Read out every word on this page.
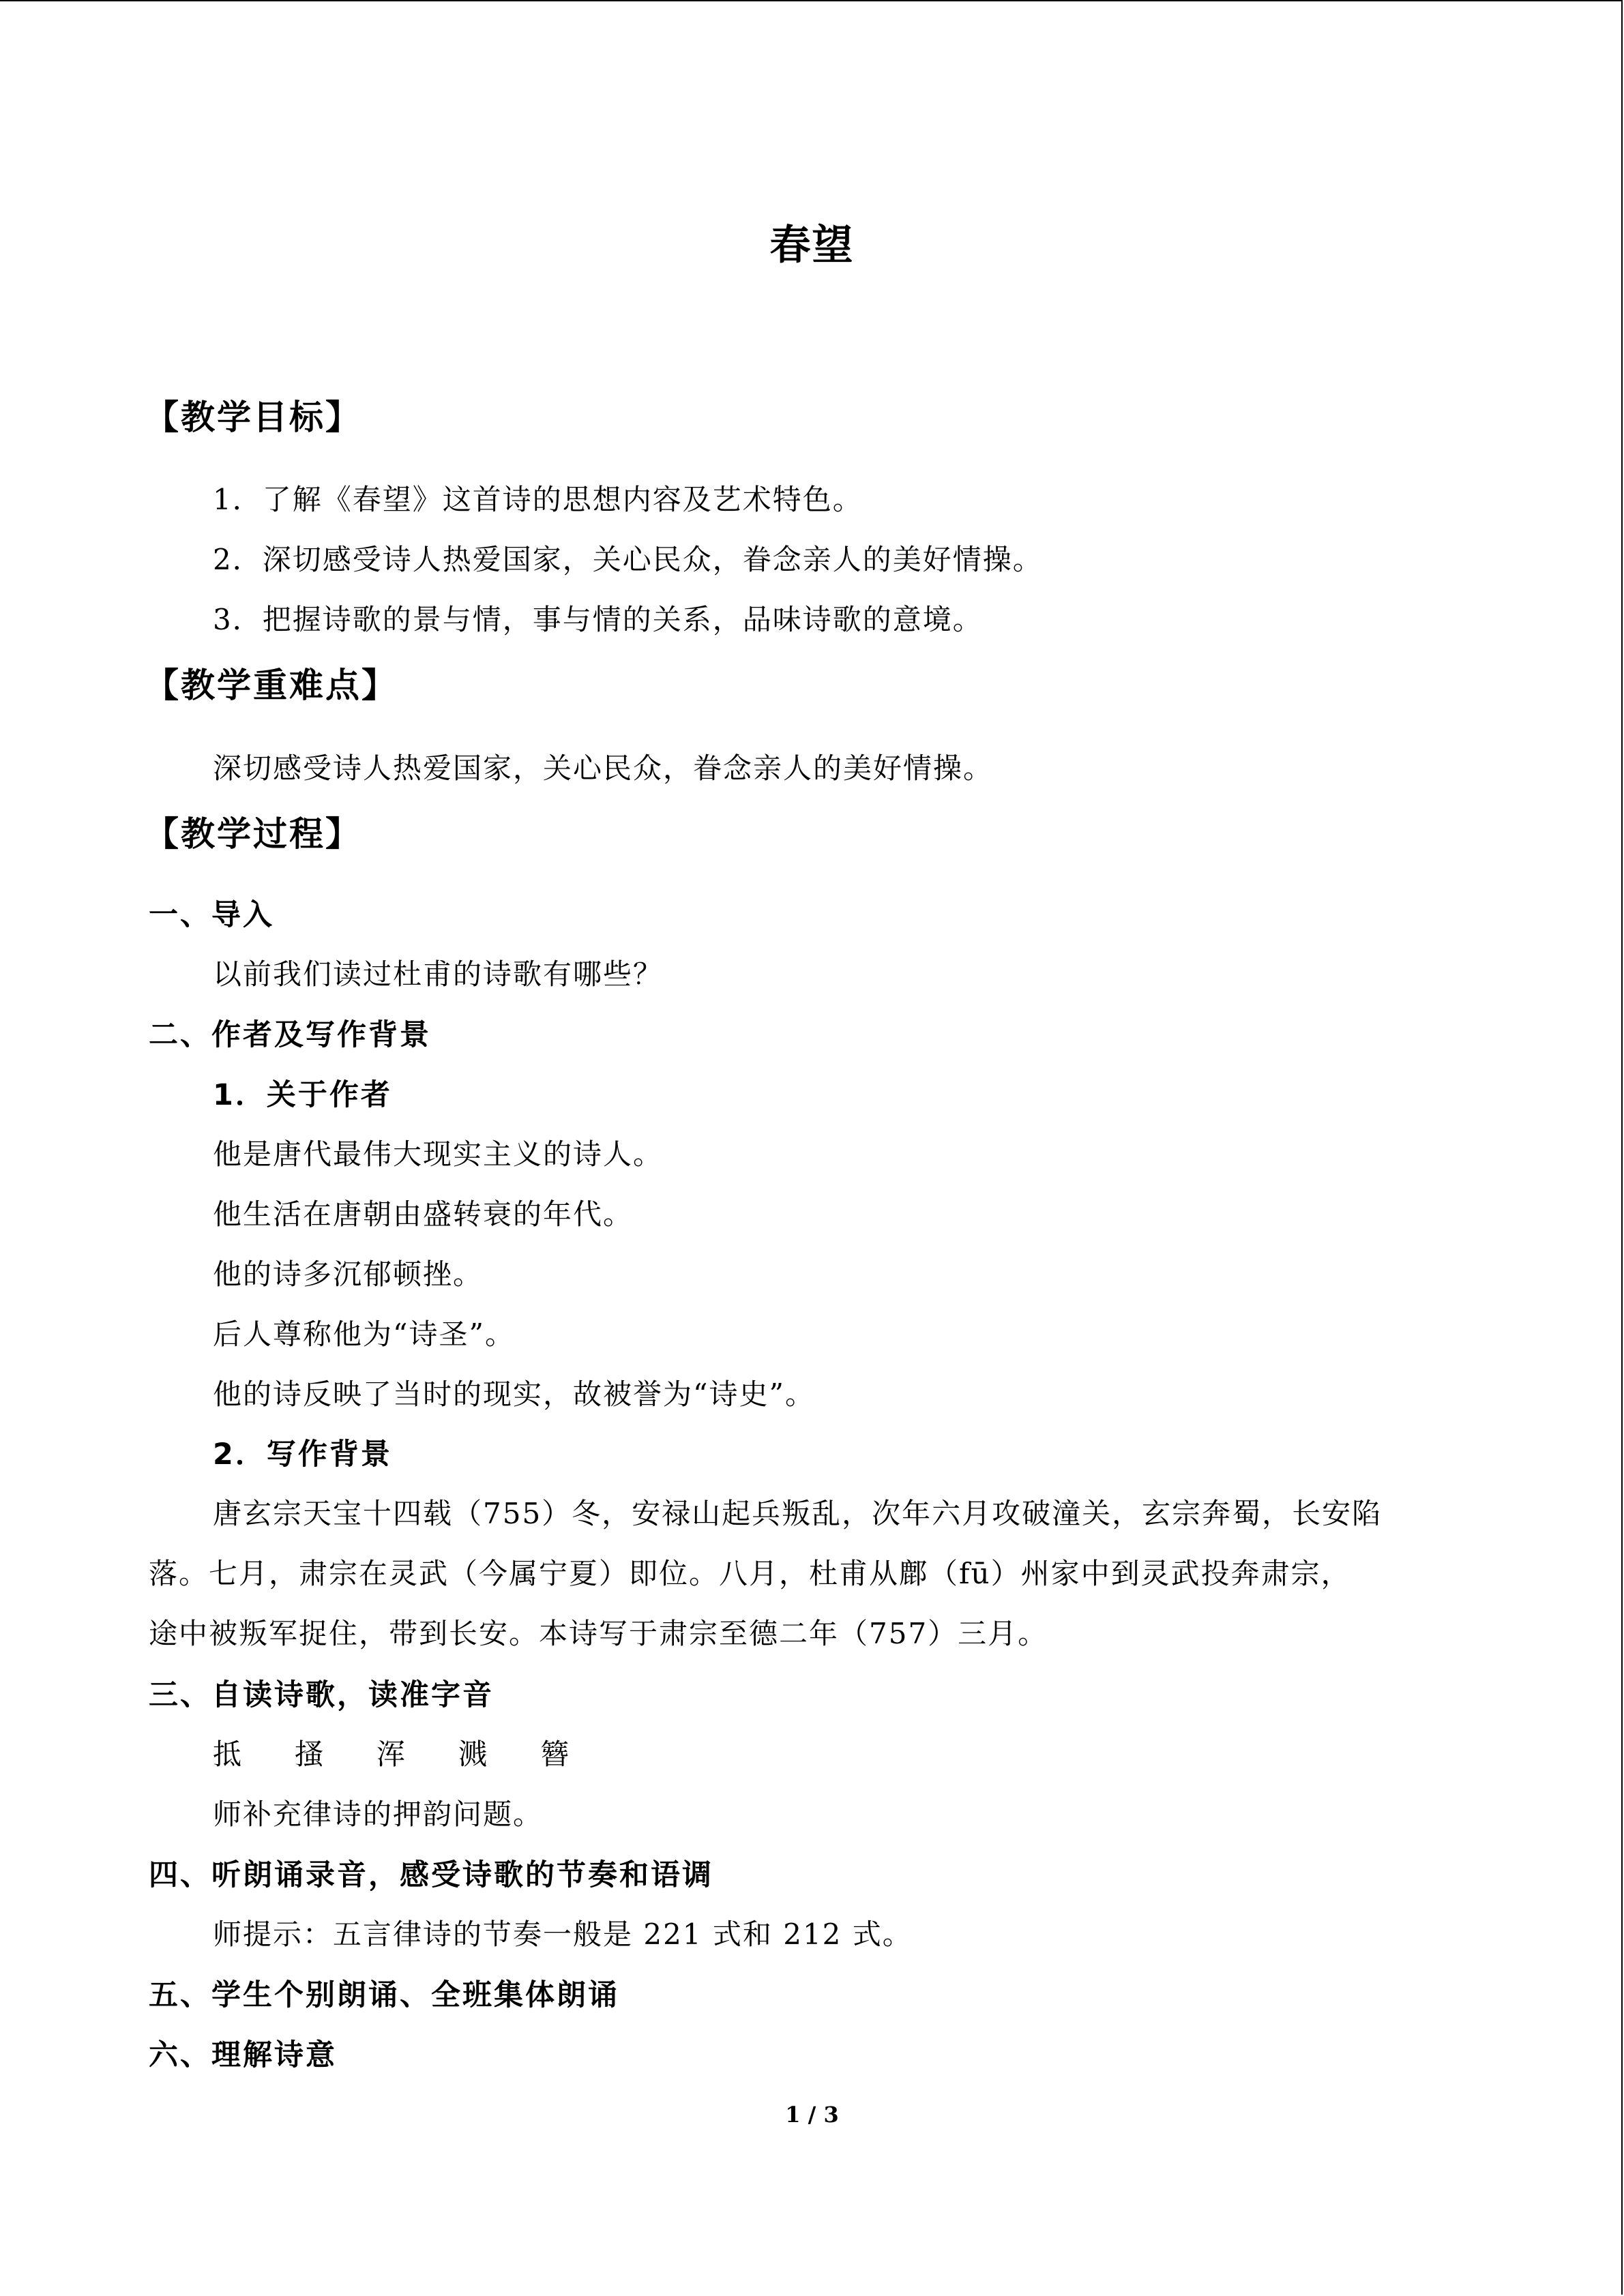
春望
【教学目标】
1．了解《春望》这首诗的思想内容及艺术特色。
2．深切感受诗人热爱国家，关心民众，眷念亲人的美好情操。
3．把握诗歌的景与情，事与情的关系，品味诗歌的意境。
【教学重难点】
深切感受诗人热爱国家，关心民众，眷念亲人的美好情操。
【教学过程】
一、导入
以前我们读过杜甫的诗歌有哪些？
二、作者及写作背景
1．关于作者
他是唐代最伟大现实主义的诗人。
他生活在唐朝由盛转衰的年代。
他的诗多沉郁顿挫。
后人尊称他为“诗圣”。
他的诗反映了当时的现实，故被誉为“诗史”。
2．写作背景
唐玄宗天宝十四载（755）冬，安禄山起兵叛乱，次年六月攻破潼关，玄宗奔蜀，长安陷
落。七月，肃宗在灵武（今属宁夏）即位。八月，杜甫从鄜（fū）州家中到灵武投奔肃宗，
途中被叛军捉住，带到长安。本诗写于肃宗至德二年（757）三月。
三、自读诗歌，读准字音
抵 搔 浑 溅 簪
师补充律诗的押韵问题。
四、听朗诵录音，感受诗歌的节奏和语调
师提示：五言律诗的节奏一般是 221 式和 212 式。
五、学生个别朗诵、全班集体朗诵
六、理解诗意
1 / 3
